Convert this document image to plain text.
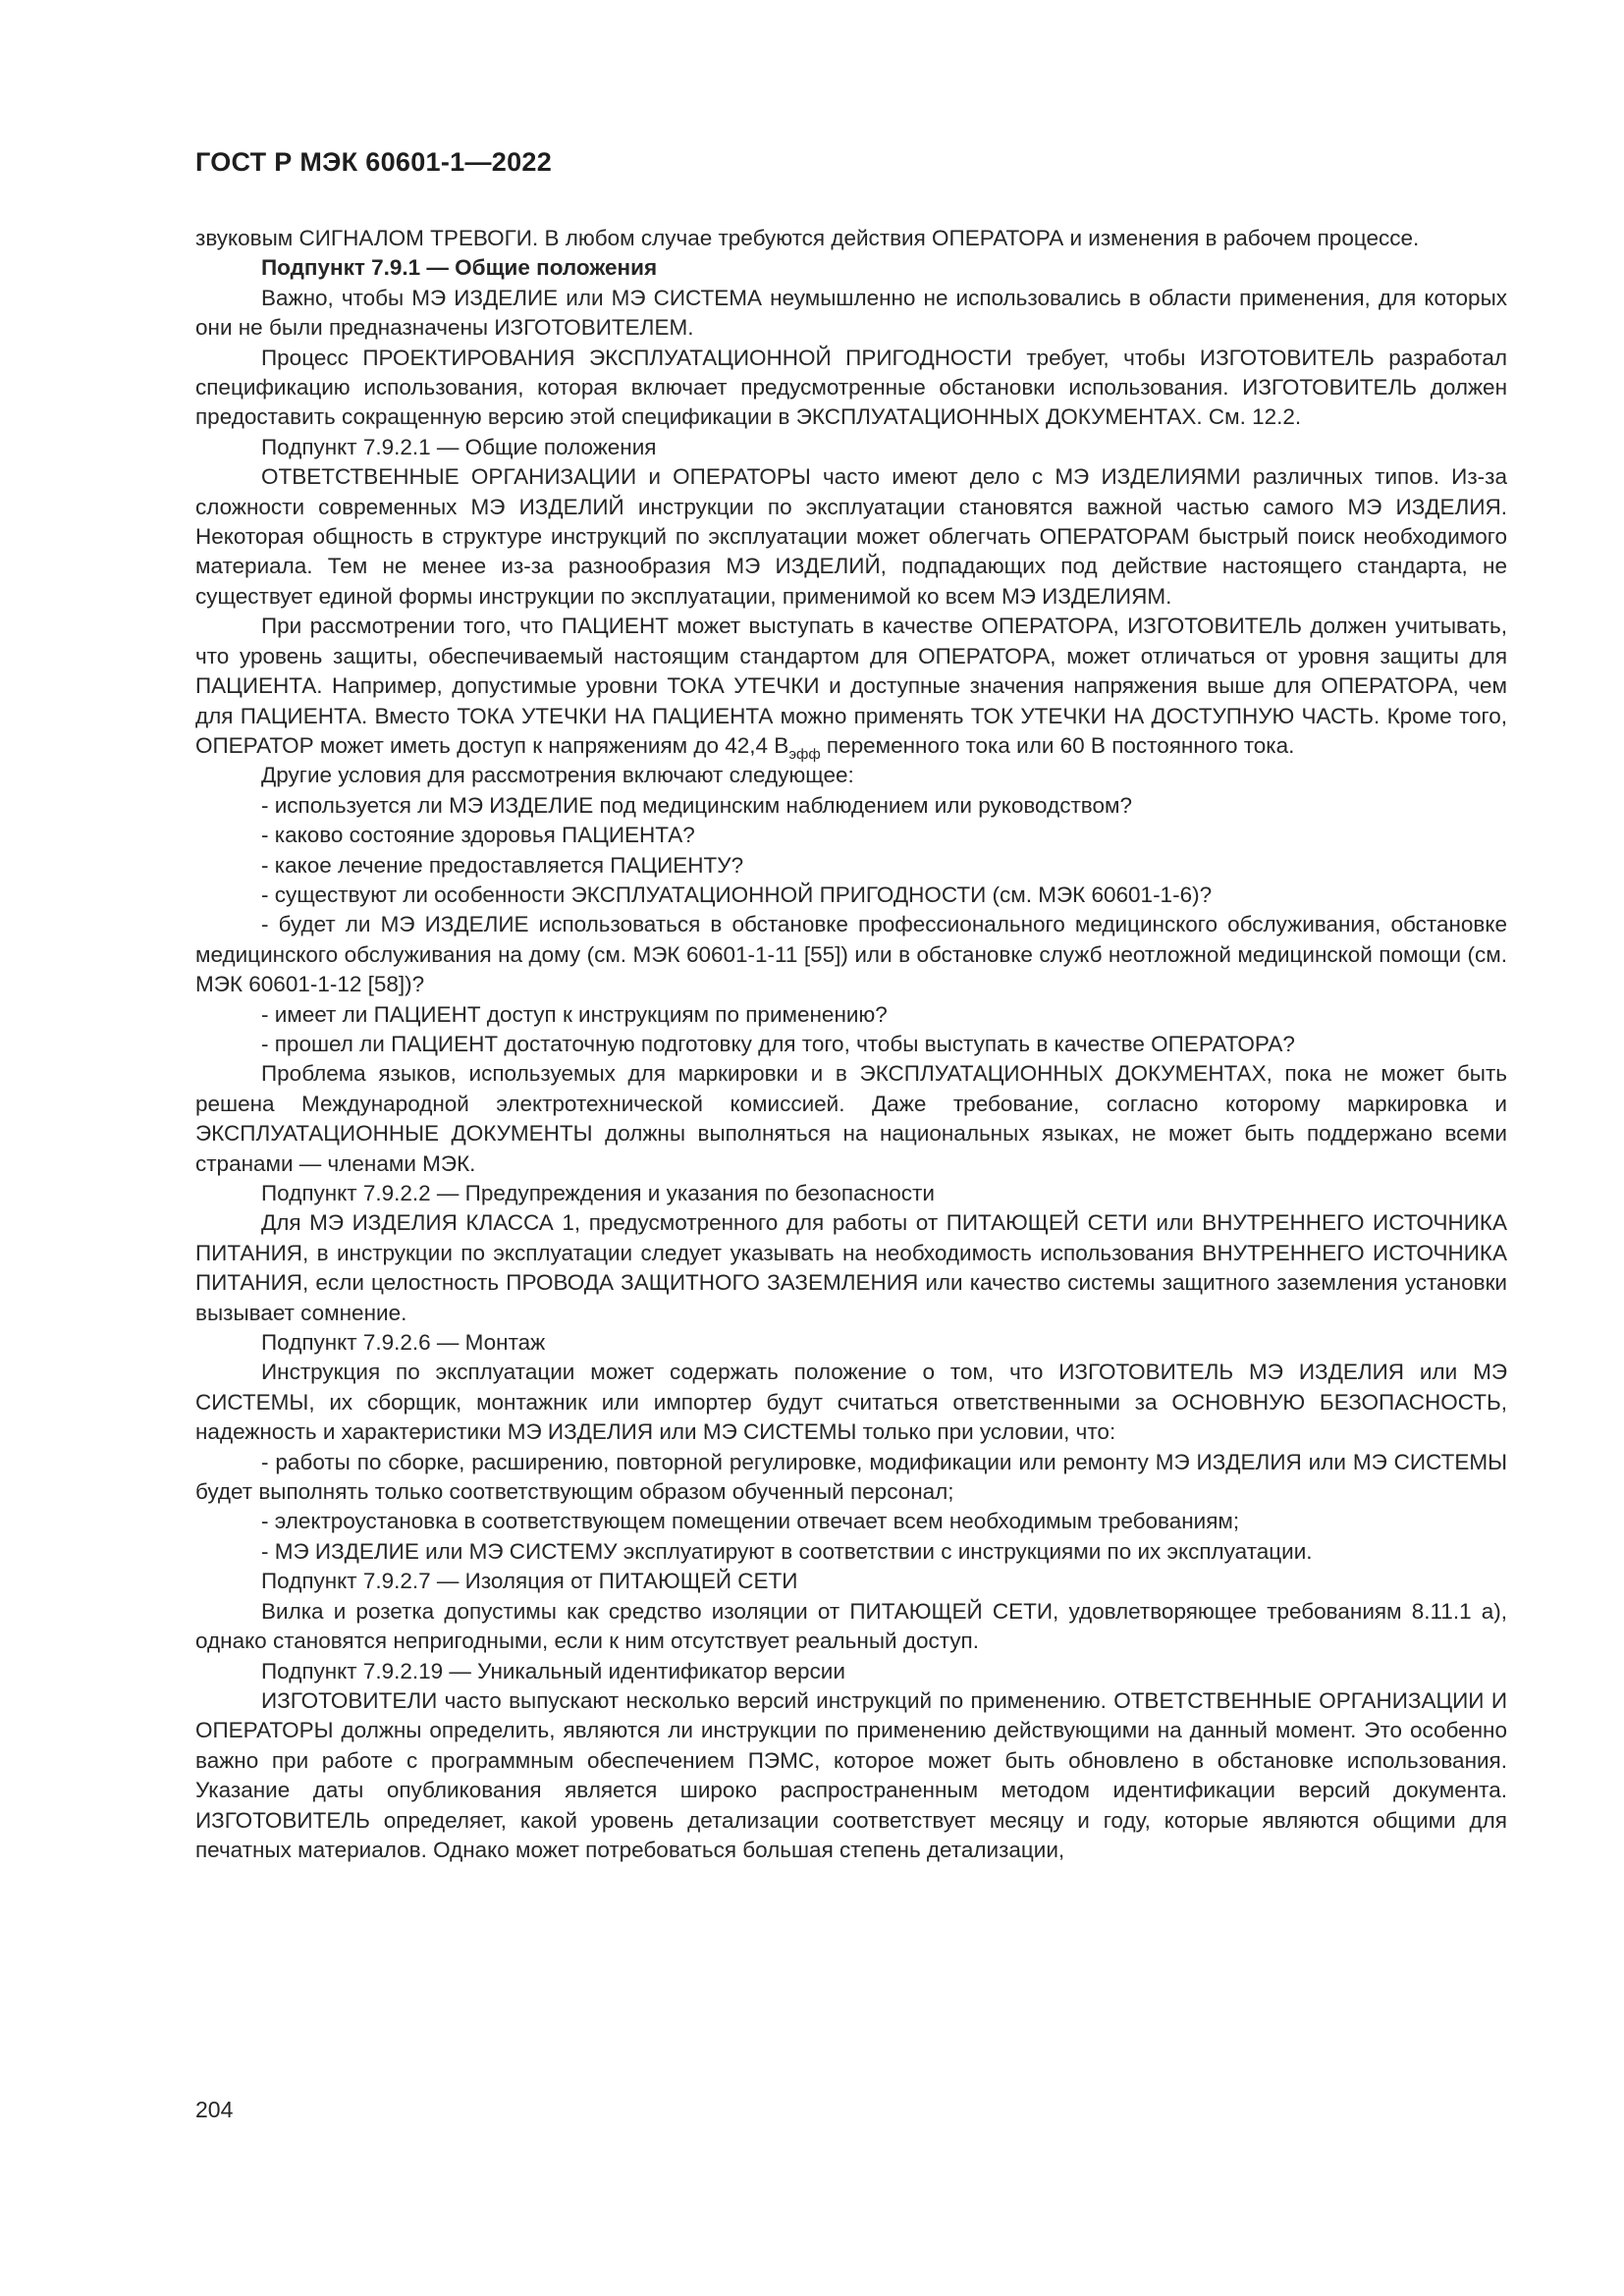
ГОСТ Р МЭК 60601-1—2022

звуковым СИГНАЛОМ ТРЕВОГИ. В любом случае требуются действия ОПЕРАТОРА и изменения в рабочем процессе.

Подпункт 7.9.1 — Общие положения

Важно, чтобы МЭ ИЗДЕЛИЕ или МЭ СИСТЕМА неумышленно не использовались в области применения, для которых они не были предназначены ИЗГОТОВИТЕЛЕМ.

Процесс ПРОЕКТИРОВАНИЯ ЭКСПЛУАТАЦИОННОЙ ПРИГОДНОСТИ требует, чтобы ИЗГОТОВИТЕЛЬ разработал спецификацию использования, которая включает предусмотренные обстановки использования. ИЗГОТОВИТЕЛЬ должен предоставить сокращенную версию этой спецификации в ЭКСПЛУАТАЦИОННЫХ ДОКУМЕНТАХ. См. 12.2.

Подпункт 7.9.2.1 — Общие положения

ОТВЕТСТВЕННЫЕ ОРГАНИЗАЦИИ и ОПЕРАТОРЫ часто имеют дело с МЭ ИЗДЕЛИЯМИ различных типов. Из-за сложности современных МЭ ИЗДЕЛИЙ инструкции по эксплуатации становятся важной частью самого МЭ ИЗДЕЛИЯ. Некоторая общность в структуре инструкций по эксплуатации может облегчать ОПЕРАТОРАМ быстрый поиск необходимого материала. Тем не менее из-за разнообразия МЭ ИЗДЕЛИЙ, подпадающих под действие настоящего стандарта, не существует единой формы инструкции по эксплуатации, применимой ко всем МЭ ИЗДЕЛИЯМ.

При рассмотрении того, что ПАЦИЕНТ может выступать в качестве ОПЕРАТОРА, ИЗГОТОВИТЕЛЬ должен учитывать, что уровень защиты, обеспечиваемый настоящим стандартом для ОПЕРАТОРА, может отличаться от уровня защиты для ПАЦИЕНТА. Например, допустимые уровни ТОКА УТЕЧКИ и доступные значения напряжения выше для ОПЕРАТОРА, чем для ПАЦИЕНТА. Вместо ТОКА УТЕЧКИ НА ПАЦИЕНТА можно применять ТОК УТЕЧКИ НА ДОСТУПНУЮ ЧАСТЬ. Кроме того, ОПЕРАТОР может иметь доступ к напряжениям до 42,4 $В_{эфф}$ переменного тока или 60 В постоянного тока.

Другие условия для рассмотрения включают следующее:

- используется ли МЭ ИЗДЕЛИЕ под медицинским наблюдением или руководством?

- каково состояние здоровья ПАЦИЕНТА?

- какое лечение предоставляется ПАЦИЕНТУ?

- существуют ли особенности ЭКСПЛУАТАЦИОННОЙ ПРИГОДНОСТИ (см. МЭК 60601-1-6)?

- будет ли МЭ ИЗДЕЛИЕ использоваться в обстановке профессионального медицинского обслуживания, обстановке медицинского обслуживания на дому (см. МЭК 60601-1-11 [55]) или в обстановке служб неотложной медицинской помощи (см. МЭК 60601-1-12 [58])?

- имеет ли ПАЦИЕНТ доступ к инструкциям по применению?

- прошел ли ПАЦИЕНТ достаточную подготовку для того, чтобы выступать в качестве ОПЕРАТОРА?

Проблема языков, используемых для маркировки и в ЭКСПЛУАТАЦИОННЫХ ДОКУМЕНТАХ, пока не может быть решена Международной электротехнической комиссией. Даже требование, согласно которому маркировка и ЭКСПЛУАТАЦИОННЫЕ ДОКУМЕНТЫ должны выполняться на национальных языках, не может быть поддержано всеми странами — членами МЭК.

Подпункт 7.9.2.2 — Предупреждения и указания по безопасности

Для МЭ ИЗДЕЛИЯ КЛАССА 1, предусмотренного для работы от ПИТАЮЩЕЙ СЕТИ или ВНУТРЕННЕГО ИСТОЧНИКА ПИТАНИЯ, в инструкции по эксплуатации следует указывать на необходимость использования ВНУТРЕННЕГО ИСТОЧНИКА ПИТАНИЯ, если целостность ПРОВОДА ЗАЩИТНОГО ЗАЗЕМЛЕНИЯ или качество системы защитного заземления установки вызывает сомнение.

Подпункт 7.9.2.6 — Монтаж

Инструкция по эксплуатации может содержать положение о том, что ИЗГОТОВИТЕЛЬ МЭ ИЗДЕЛИЯ или МЭ СИСТЕМЫ, их сборщик, монтажник или импортер будут считаться ответственными за ОСНОВНУЮ БЕЗОПАСНОСТЬ, надежность и характеристики МЭ ИЗДЕЛИЯ или МЭ СИСТЕМЫ только при условии, что:

- работы по сборке, расширению, повторной регулировке, модификации или ремонту МЭ ИЗДЕЛИЯ или МЭ СИСТЕМЫ будет выполнять только соответствующим образом обученный персонал;

- электроустановка в соответствующем помещении отвечает всем необходимым требованиям;

- МЭ ИЗДЕЛИЕ или МЭ СИСТЕМУ эксплуатируют в соответствии с инструкциями по их эксплуатации.

Подпункт 7.9.2.7 — Изоляция от ПИТАЮЩЕЙ СЕТИ

Вилка и розетка допустимы как средство изоляции от ПИТАЮЩЕЙ СЕТИ, удовлетворяющее требованиям 8.11.1 а), однако становятся непригодными, если к ним отсутствует реальный доступ.

Подпункт 7.9.2.19 — Уникальный идентификатор версии

ИЗГОТОВИТЕЛИ часто выпускают несколько версий инструкций по применению. ОТВЕТСТВЕННЫЕ ОРГАНИЗАЦИИ И ОПЕРАТОРЫ должны определить, являются ли инструкции по применению действующими на данный момент. Это особенно важно при работе с программным обеспечением ПЭМС, которое может быть обновлено в обстановке использования. Указание даты опубликования является широко распространенным методом идентификации версий документа. ИЗГОТОВИТЕЛЬ определяет, какой уровень детализации соответствует месяцу и году, которые являются общими для печатных материалов. Однако может потребоваться большая степень детализации,

204
